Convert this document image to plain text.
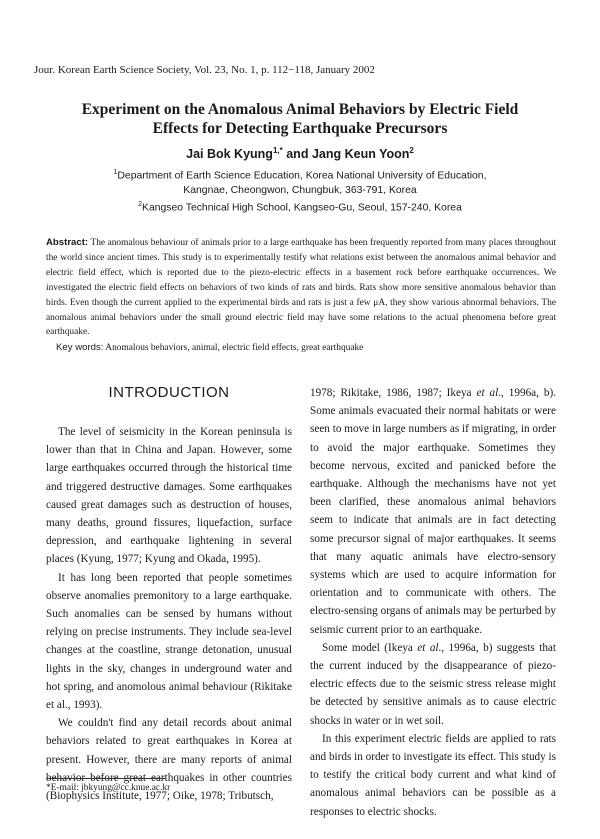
Jour. Korean Earth Science Society, Vol. 23, No. 1, p. 112−118, January 2002
Experiment on the Anomalous Animal Behaviors by Electric Field
Effects for Detecting Earthquake Precursors
Jai Bok Kyung$^{1,*}$ and Jang Keun Yoon$^2$
$^1$Department of Earth Science Education, Korea National University of Education,
Kangnae, Cheongwon, Chungbuk, 363-791, Korea
$^2$Kangseo Technical High School, Kangseo-Gu, Seoul, 157-240, Korea
Abstract: The anomalous behaviour of animals prior to a large earthquake has been frequently reported from many places throughout the world since ancient times. This study is to experimentally testify what relations exist between the anomalous animal behavior and electric field effect, which is reported due to the piezo-electric effects in a basement rock before earthquake occurrences. We investigated the electric field effects on behaviors of two kinds of rats and birds. Rats show more sensitive anomalous behavior than birds. Even though the current applied to the experimental birds and rats is just a few μA, they show various abnormal behaviors. The anomalous animal behaviors under the small ground electric field may have some relations to the actual phenomena before great earthquake.
Key words: Anomalous behaviors, animal, electric field effects, great earthquake
INTRODUCTION

The level of seismicity in the Korean peninsula is lower than that in China and Japan. However, some large earthquakes occurred through the historical time and triggered destructive damages. Some earthquakes caused great damages such as destruction of houses, many deaths, ground fissures, liquefaction, surface depression, and earthquake lightening in several places (Kyung, 1977; Kyung and Okada, 1995).

It has long been reported that people sometimes observe anomalies premonitory to a large earthquake. Such anomalies can be sensed by humans without relying on precise instruments. They include sea-level changes at the coastline, strange detonation, unusual lights in the sky, changes in underground water and hot spring, and anomolous animal behaviour (Rikitake et al., 1993).

We couldn't find any detail records about animal behaviors related to great earthquakes in Korea at present. However, there are many reports of animal behavior before great earthquakes in other countries (Biophysics Institute, 1977; Oike, 1978; Tributsch,

1978; Rikitake, 1986, 1987; Ikeya et al., 1996a, b). Some animals evacuated their normal habitats or were seen to move in large numbers as if migrating, in order to avoid the major earthquake. Sometimes they become nervous, excited and panicked before the earthquake. Although the mechanisms have not yet been clarified, these anomalous animal behaviors seem to indicate that animals are in fact detecting some precursor signal of major earthquakes. It seems that many aquatic animals have electro-sensory systems which are used to acquire information for orientation and to communicate with others. The electro-sensing organs of animals may be perturbed by seismic current prior to an earthquake.

Some model (Ikeya et al., 1996a, b) suggests that the current induced by the disappearance of piezo-electric effects due to the seismic stress release might be detected by sensitive animals as to cause electric shocks in water or in wet soil.

In this experiment electric fields are applied to rats and birds in order to investigate its effect. This study is to testify the critical body current and what kind of anomalous animal behaviors can be possible as a responses to electric shocks.

*E-mail: jbkyung@cc.knue.ac.kr
